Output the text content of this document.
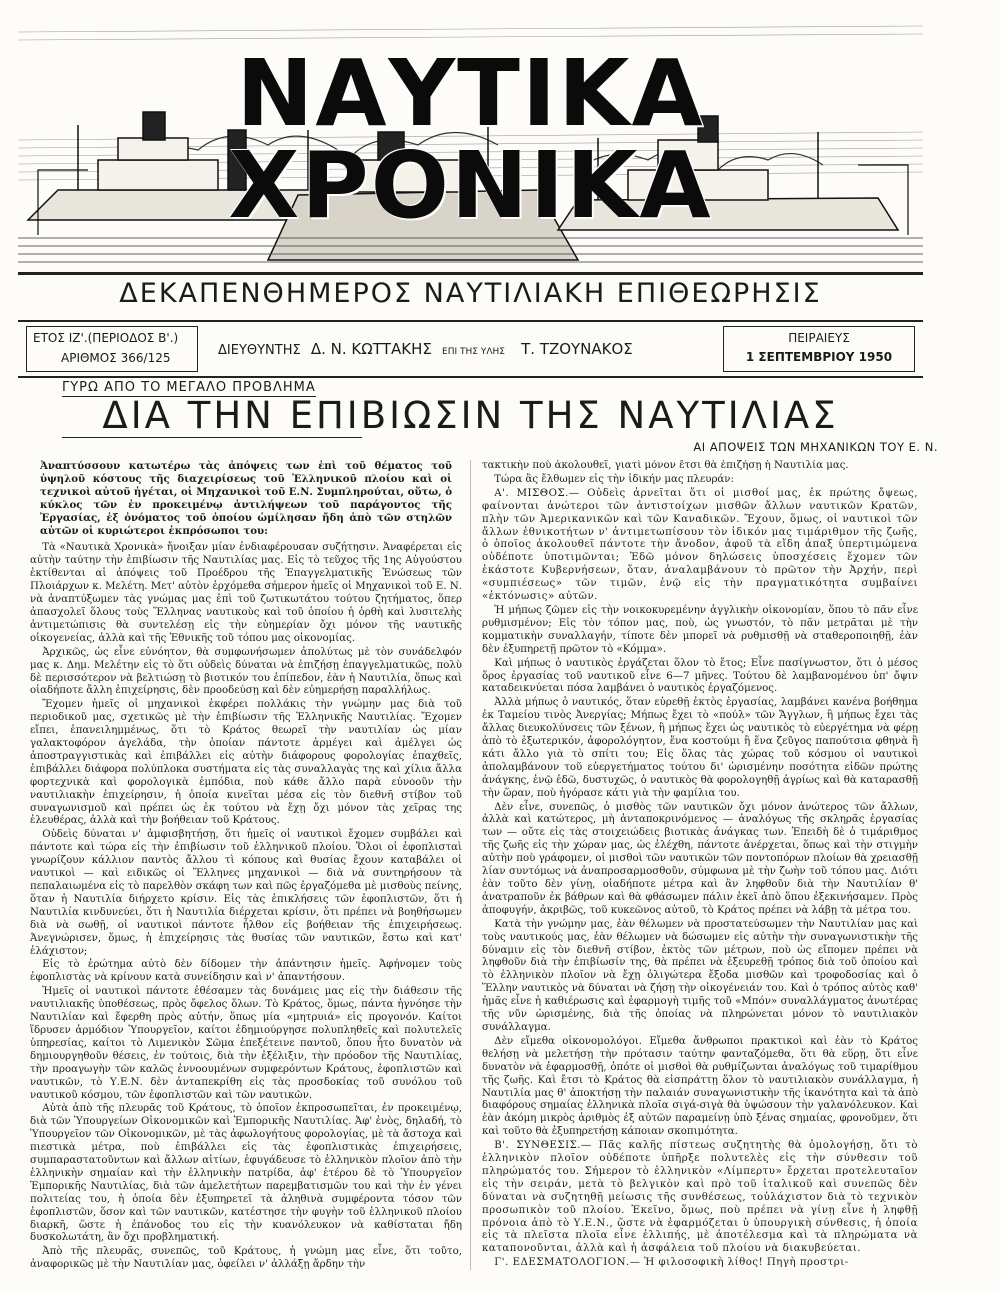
ΝΑΥΤΙΚΑ ΧΡΟΝΙΚΑ
ΔΕΚΑΠΕΝΘΗΜΕΡΟΣ ΝΑΥΤΙΛΙΑΚΗ ΕΠΙΘΕΩΡΗΣΙΣ
ΕΤΟΣ ΙΖ'.(ΠΕΡΙΟΔΟΣ Β'.)
ΑΡΙΘΜΟΣ 366/125	ΔΙΕΥΘΥΝΤΗΣ Δ. Ν. ΚΩΤΤΑΚΗΣ ΕΠΙ ΤΗΣ ΥΛΗΣ Τ. ΤΖΟΥΝΑΚΟΣ
ΠΕΙΡΑΙΕΥΣ
1 ΣΕΠΤΕΜΒΡΙΟΥ 1950
ΓΥΡΩ ΑΠΟ ΤΟ ΜΕΓΑΛΟ ΠΡΟΒΛΗΜΑ
ΔΙΑ ΤΗΝ ΕΠΙΒΙΩΣΙΝ ΤΗΣ ΝΑΥΤΙΛΙΑΣ
ΑΙ ΑΠΟΨΕΙΣ ΤΩΝ ΜΗΧΑΝΙΚΩΝ ΤΟΥ Ε. Ν.

Ἀναπτύσσουν κατωτέρω τὰς ἀπόψεις των ἐπὶ τοῦ θέματος τοῦ ὑψηλοῦ κόστους τῆς διαχειρίσεως τοῦ Ἑλληνικοῦ πλοίου καὶ οἱ τεχνικοὶ αὐτοῦ ἡγέται, οἱ Μηχανικοὶ τοῦ Ε.Ν. Συμπληρούται, οὕτω, ὁ κύκλος τῶν ἐν προκειμένῳ ἀντιλήψεων τοῦ παράγοντος τῆς Ἐργασίας, ἐξ ὀνόματος τοῦ ὁποίου ὡμίλησαν ἤδη ἀπὸ τῶν στηλῶν αὐτῶν οἱ κυριώτεροι ἐκπρόσωποι του:

Τὰ «Ναυτικὰ Χρονικὰ» ἤνοιξαν μίαν ἐνδιαφέρουσαν συζήτησιν. Ἀναφέρεται εἰς αὐτὴν ταύτην τὴν ἐπιβίωσιν τῆς Ναυτιλίας μας. Εἰς τὸ τεῦχος τῆς 1ης Αὐγούστου ἐκτίθενται αἱ ἀπόψεις τοῦ Προέδρου τῆς Ἐπαγγελματικῆς Ἑνώσεως τῶν Πλοιάρχων κ. Μελέτη. Μετ' αὐτὸν ἐρχόμεθα σήμερον ἡμεῖς οἱ Μηχανικοὶ τοῦ Ε. Ν. νὰ ἀναπτύξωμεν τὰς γνώμας μας ἐπὶ τοῦ ζωτικωτάτου τούτου ζητήματος, ὅπερ ἀπασχολεῖ ὅλους τοὺς Ἕλληνας ναυτικοὺς καὶ τοῦ ὁποίου ἡ ὀρθὴ καὶ λυσιτελὴς ἀντιμετώπισις θὰ συντελέσῃ εἰς τὴν εὐημερίαν ὄχι μόνον τῆς ναυτικῆς οἰκογενείας, ἀλλὰ καὶ τῆς Ἐθνικῆς τοῦ τόπου μας οἰκονομίας.

Ἀρχικῶς, ὡς εἶνε εὐνόητον, θὰ συμφωνήσωμεν ἀπολύτως μὲ τὸν συνάδελφόν μας κ. Δημ. Μελέτην εἰς τὸ ὅτι οὐδεὶς δύναται νὰ ἐπιζήσῃ ἐπαγγελματικῶς, πολὺ δὲ περισσότερον νὰ βελτιώσῃ τὸ βιοτικόν του ἐπίπεδον, ἐὰν ἡ Ναυτιλία, ὅπως καὶ οἱαδήποτε ἄλλη ἐπιχείρησις, δὲν προοδεύσῃ καὶ δὲν εὐημερήσῃ παραλλήλως.

Ἔχομεν ἡμεῖς οἱ μηχανικοὶ ἐκφέρει πολλάκις τὴν γνώμην μας διὰ τοῦ περιοδικοῦ μας, σχετικῶς μὲ τὴν ἐπιβίωσιν τῆς Ἑλληνικῆς Ναυτιλίας. Ἔχομεν εἴπει, ἐπανειλημμένως, ὅτι τὸ Κράτος θεωρεῖ τὴν ναυτιλίαν ὡς μίαν γαλακτοφόρον ἀγελάδα, τὴν ὁποίαν πάντοτε ἀρμέγει καὶ ἀμέλγει ὡς ἀποστραγγιστικὰς καὶ ἐπιβάλλει εἰς αὐτὴν διάφορους φορολογίας ἐπαχθεῖς, ἐπιβάλλει διάφορα πολύπλοκα συστήματα εἰς τὰς συναλλαγὰς της καὶ χίλια ἄλλα φορτεχνικὰ καὶ φορολογικὰ ἐμπόδια, ποὺ κάθε ἄλλο παρὰ εὐνοοῦν τὴν ναυτιλιακὴν ἐπιχείρησιν, ἡ ὁποία κινεῖται μέσα εἰς τὸν διεθνῆ στίβον τοῦ συναγωνισμοῦ καὶ πρέπει ὡς ἐκ τούτου νὰ ἔχῃ ὄχι μόνον τὰς χεῖρας της ἐλευθέρας, ἀλλὰ καὶ τὴν βοήθειαν τοῦ Κράτους.

Οὐδεὶς δύναται ν' ἀμφισβητήσῃ, ὅτι ἡμεῖς οἱ ναυτικοὶ ἔχομεν συμβάλει καὶ πάντοτε καὶ τώρα εἰς τὴν ἐπιβίωσιν τοῦ ἑλληνικοῦ πλοίου. Ὅλοι οἱ ἐφοπλισταὶ γνωρίζουν κάλλιον παντὸς ἄλλου τὶ κόπους καὶ θυσίας ἔχουν καταβάλει οἱ ναυτικοὶ — καὶ ειδικῶς οἱ Ἕλληνες μηχανικοὶ — διὰ νὰ συντηρήσουν τὰ πεπαλαιωμένα εἰς τὸ παρελθὸν σκάφη των καὶ πῶς ἐργαζόμεθα μὲ μισθοὺς πείνης, ὅταν ἡ Ναυτιλία διήρχετο κρίσιν. Εἰς τὰς ἐπικλήσεις τῶν ἐφοπλιστῶν, ὅτι ἡ Ναυτιλία κινδυνεύει, ὅτι ἡ Ναυτιλία διέρχεται κρίσιν, ὅτι πρέπει νὰ βοηθήσωμεν διὰ νὰ σωθῇ, οἱ ναυτικοὶ πάντοτε ἦλθον εἰς βοήθειαν τῆς ἐπιχειρήσεως. Ἀνεγνώρισεν, ὅμως, ἡ ἐπιχείρησις τὰς θυσίας τῶν ναυτικῶν, ἔστω καὶ κατ' ἐλάχιστον;

Εἰς τὸ ἐρώτημα αὐτὸ δὲν δίδομεν τὴν ἀπάντησιν ἡμεῖς. Ἀφήνομεν τοὺς ἐφοπλιστὰς νὰ κρίνουν κατὰ συνείδησιν καὶ ν' ἀπαντήσουν.

Ἡμεῖς οἱ ναυτικοὶ πάντοτε ἐθέσαμεν τὰς δυνάμεις μας εἰς τὴν διάθεσιν τῆς ναυτιλιακῆς ὑποθέσεως, πρὸς ὄφελος ὅλων. Τὸ Κράτος, ὅμως, πάντα ἠγνόησε τὴν Ναυτιλίαν καὶ ἔφερθη πρὸς αὐτήν, ὅπως μία «μητρυιά» εἰς προγονόν. Καίτοι ἵδρυσεν ἁρμόδιον Ὑπουργεῖον, καίτοι ἐδημιούργησε πολυπληθεῖς καὶ πολυτελεῖς ὑπηρεσίας, καίτοι τὸ Λιμενικὸν Σῶμα ἐπεξέτεινε παντοῦ, ὅπου ἦτο δυνατὸν νὰ δημιουργηθοῦν θέσεις, ἐν τούτοις, διὰ τὴν ἐξέλιξιν, τὴν πρόοδον τῆς Ναυτιλίας, τὴν προαγωγὴν τῶν καλῶς ἐννοουμένων συμφερόντων Κράτους, ἐφοπλιστῶν καὶ ναυτικῶν, τὸ Υ.Ε.Ν. δὲν ἀνταπεκρίθη εἰς τὰς προσδοκίας τοῦ συνόλου τοῦ ναυτικοῦ κόσμου, τῶν ἐφοπλιστῶν καὶ τῶν ναυτικῶν.

Αὐτὰ ἀπὸ τῆς πλευρᾶς τοῦ Κράτους, τὸ ὁποῖον ἐκπροσωπεῖται, ἐν προκειμένῳ, διὰ τῶν Ὑπουργείων Οἰκονομικῶν καὶ Ἐμπορικῆς Ναυτιλίας. Ἀφ' ἑνὸς, δηλαδή, τὸ Ὑπουργεῖον τῶν Οἰκονομικῶν, μὲ τὰς ἀφωλογήτους φορολογίας, μὲ τὰ ἄστοχα καὶ πιεστικὰ μέτρα, ποὺ ἐπιβάλλει εἰς τὰς ἐφοπλιστικὰς ἐπιχειρήσεις, συμπαραστατοῦντων καὶ ἄλλων αἰτίων, ἐφυγάδευσε τὸ ἑλληνικὸν πλοῖον ἀπὸ τὴν ἑλληνικὴν σημαίαν καὶ τὴν ἑλληνικὴν πατρίδα, ἀφ' ἑτέρου δὲ τὸ Ὑπουργεῖον Ἐμπορικῆς Ναυτιλίας, διὰ τῶν ἀμελετήτων παρεμβατισμῶν του καὶ τὴν ἐν γένει πολιτείας του, ἡ ὁποία δὲν ἐξυπηρετεῖ τὰ ἀληθινὰ συμφέροντα τόσον τῶν ἐφοπλιστῶν, ὅσον καὶ τῶν ναυτικῶν, κατέστησε τὴν φυγὴν τοῦ ἑλληνικοῦ πλοίου διαρκῆ, ὥστε ἡ ἐπάνοδος του εἰς τὴν κυανόλευκον νὰ καθίσταται ἤδη δυσκολωτάτη, ἂν ὄχι προβληματική.

Ἀπὸ τῆς πλευρᾶς, συνεπῶς, τοῦ Κράτους, ἡ γνώμη μας εἶνε, ὅτι τοῦτο, ἀναφορικῶς μὲ τὴν Ναυτιλίαν μας, ὀφείλει ν' ἀλλάξῃ ἄρδην τὴν

τακτικὴν ποὺ ἀκολουθεῖ, γιατὶ μόνον ἔτσι θὰ ἐπιζήσῃ ἡ Ναυτιλία μας.

Τώρα ἂς ἔλθωμεν εἰς τὴν ἰδικήν μας πλευράν:

Α'. ΜΙΣΘΟΣ.— Οὐδεὶς ἀρνεῖται ὅτι οἱ μισθοί μας, ἐκ πρώτης ὄψεως, φαίνονται ἀνώτεροι τῶν ἀντιστοίχων μισθῶν ἄλλων ναυτικῶν Κρατῶν, πλὴν τῶν Ἀμερικανικῶν καὶ τῶν Καναδικῶν. Ἔχουν, ὅμως, οἱ ναυτικοὶ τῶν ἄλλων ἐθνικοτήτων ν' ἀντιμετωπίσουν τὸν ἰδικόν μας τιμάριθμον τῆς ζωῆς, ὁ ὁποῖος ἀκολουθεῖ πάντοτε τὴν ἄνοδον, ἀφοῦ τὰ εἴδη ἀπαξ ὑπερτιμώμενα οὐδέποτε ὑποτιμῶνται; Ἐδῶ μόνον δηλώσεις ὑποσχέσεις ἔχομεν τῶν ἑκάστοτε Κυβερνήσεων, ὅταν, ἀναλαμβάνουν τὸ πρῶτον τὴν Ἀρχήν, περὶ «συμπιέσεως» τῶν τιμῶν, ἐνῷ εἰς τὴν πραγματικότητα συμβαίνει «ἐκτόνωσις» αὐτῶν.

Ἡ μήπως ζῶμεν εἰς τὴν νοικοκυρεμένην ἀγγλικὴν οἰκονομίαν, ὅπου τὸ πᾶν εἶνε ρυθμισμένον; Εἰς τὸν τόπον μας, ποὺ, ὡς γνωστόν, τὸ πᾶν μετρᾶται μὲ τὴν κομματικὴν συναλλαγήν, τίποτε δὲν μπορεῖ νὰ ρυθμισθῇ νὰ σταθεροποιηθῇ, ἐὰν δὲν ἐξυπηρετῇ πρῶτον τὸ «Κόμμα».

Καὶ μήπως ὁ ναυτικὸς ἐργάζεται ὅλον τὸ ἔτος; Εἶνε πασίγνωστον, ὅτι ὁ μέσος ὅρος ἐργασίας τοῦ ναυτικοῦ εἶνε 6—7 μῆνες. Τούτου δὲ λαμβανομένου ὑπ' ὄψιν καταδεικνύεται πόσα λαμβάνει ὁ ναυτικὸς ἐργαζόμενος.

Ἀλλὰ μήπως ὁ ναυτικός, ὅταν εὑρεθῇ ἐκτὸς ἐργασίας, λαμβάνει κανένα βοήθημα ἐκ Ταμείου τινὸς Ἀνεργίας; Μήπως ἔχει τὸ «πούλ» τῶν Ἄγγλων, ἢ μήπως ἔχει τὰς ἄλλας διευκολύνσεις τῶν ξένων, ἢ μήπως ἔχει ὡς ναυτικὸς τὸ εὐεργέτημα νὰ φέρῃ ἀπὸ τὸ ἐξωτερικόν, ἀφορολόγητον, ἕνα κοστούμι ἢ ἕνα ζεῦγος παπούτσια φθηνὰ ἢ κάτι ἄλλο γιὰ τὸ σπίτι του; Εἰς ὅλας τὰς χώρας τοῦ κόσμου οἱ ναυτικοὶ ἀπολαμβάνουν τοῦ εὐεργετήματος τούτου δι' ὡρισμένην ποσότητα εἰδῶν πρώτης ἀνάγκης, ἐνῷ ἐδῶ, δυστυχῶς, ὁ ναυτικὸς θὰ φορολογηθῇ ἀγρίως καὶ θὰ καταρασθῇ τὴν ὥραν, ποὺ ἠγόρασε κάτι γιὰ τὴν φαμίλια του.

Δὲν εἶνε, συνεπῶς, ὁ μισθὸς τῶν ναυτικῶν ὄχι μόνον ἀνώτερος τῶν ἄλλων, ἀλλὰ καὶ κατώτερος, μὴ ἀνταποκρινόμενος — ἀναλόγως τῆς σκληρᾶς ἐργασίας των — οὔτε εἰς τὰς στοιχειώδεις βιοτικὰς ἀνάγκας των. Ἐπειδὴ δὲ ὁ τιμάριθμος τῆς ζωῆς εἰς τὴν χώραν μας, ὡς ἐλέχθη, πάντοτε ἀνέρχεται, ὅπως καὶ τὴν στιγμὴν αὐτὴν ποὺ γράφομεν, οἱ μισθοὶ τῶν ναυτικῶν τῶν ποντοπόρων πλοίων θὰ χρειασθῇ λίαν συντόμως νὰ ἀναπροσαρμοσθοῦν, σύμφωνα μὲ τὴν ζωὴν τοῦ τόπου μας. Διότι ἐὰν τοῦτο δὲν γίνῃ, οἱαδήποτε μέτρα καὶ ἂν ληφθοῦν διὰ τὴν Ναυτιλίαν θ' ἀνατραποῦν ἐκ βάθρων καὶ θὰ φθάσωμεν πάλιν ἐκεῖ ἀπὸ ὅπου ἐξεκινήσαμεν. Πρὸς ἀποφυγήν, ἀκριβῶς, τοῦ κυκεῶνος αὐτοῦ, τὸ Κράτος πρέπει νὰ λάβῃ τὰ μέτρα του.

Κατὰ τὴν γνώμην μας, ἐὰν θέλωμεν νὰ προστατεύσωμεν τὴν Ναυτιλίαν μας καὶ τοὺς ναυτικούς μας, ἐὰν θέλωμεν νὰ δώσωμεν εἰς αὐτὴν τὴν συναγωνιστικὴν τῆς δύναμιν εἰς τὸν διεθνῆ στίβον, ἐκτὸς τῶν μέτρων, ποὺ ὡς εἴπομεν πρέπει νὰ ληφθοῦν διὰ τὴν ἐπιβίωσίν της, θὰ πρέπει νὰ ἐξευρεθῇ τρόπος διὰ τοῦ ὁποίου καὶ τὸ ἑλληνικὸν πλοῖον νὰ ἔχῃ ὀλιγώτερα ἔξοδα μισθῶν καὶ τροφοδοσίας καὶ ὁ Ἕλλην ναυτικὸς νὰ δύναται νὰ ζήσῃ τὴν οἰκογένειάν του. Καὶ ὁ τρόπος αὐτὸς καθ' ἡμᾶς εἶνε ἡ καθιέρωσις καὶ ἐφαρμογὴ τιμῆς τοῦ «Μπόν» συναλλάγματος ἀνωτέρας τῆς νῦν ὡρισμένης, διὰ τῆς ὁποίας νὰ πληρώνεται μόνον τὸ ναυτιλιακὸν συνάλλαγμα.

Δὲν εἴμεθα οἰκονομολόγοι. Εἴμεθα ἄνθρωποι πρακτικοὶ καὶ ἐὰν τὸ Κράτος θελήσῃ νὰ μελετήσῃ τὴν πρότασιν ταύτην φανταζόμεθα, ὅτι θὰ εὕρῃ, ὅτι εἶνε δυνατὸν νὰ ἐφαρμοσθῇ, ὁπότε οἱ μισθοὶ θὰ ρυθμίζωνται ἀναλόγως τοῦ τιμαρίθμου τῆς ζωῆς. Καὶ ἔτσι τὸ Κράτος θὰ εἰσπράττῃ ὅλον τὸ ναυτιλιακὸν συνάλλαγμα, ἡ Ναυτιλία μας θ' ἀποκτήσῃ τὴν παλαιάν συναγωνιστικὴν τῆς ἱκανότητα καὶ τὰ ἀπὸ διαφόρους σημαίας ἑλληνικὰ πλοῖα σιγά-σιγὰ θὰ ὑψώσουν τὴν γαλανόλευκον. Καὶ ἐὰν ἀκόμη μικρὸς ἀριθμὸς ἐξ αὐτῶν παραμείνῃ ὑπὸ ξένας σημαίας, φρονοῦμεν, ὅτι καὶ τοῦτο θὰ ἐξυπηρετήσῃ κάποιαν σκοπιμότητα.

Β'. ΣΥΝΘΕΣΙΣ.— Πᾶς καλῆς πίστεως συζητητὴς θὰ ὁμολογήσῃ, ὅτι τὸ ἑλληνικὸν πλοῖον οὐδέποτε ὑπῆρξε πολυτελὲς εἰς τὴν σύνθεσιν τοῦ πληρώματός του. Σήμερον τὸ ἑλληνικὸν «Λίμπερτυ» ἔρχεται προτελευταῖον εἰς τὴν σειράν, μετὰ τὸ βελγικὸν καὶ πρὸ τοῦ ἰταλικοῦ καὶ συνεπῶς δὲν δύναται νὰ συζητηθῇ μείωσις τῆς συνθέσεως, τοὐλάχιστον διὰ τὸ τεχνικὸν προσωπικὸν τοῦ πλοίου. Ἐκεῖνο, ὅμως, ποὺ πρέπει νὰ γίνῃ εἶνε ἡ ληφθῇ πρόνοια ἀπὸ τὸ Υ.Ε.Ν., ὥστε νὰ ἐφαρμόζεται ὑ ὑπουργικὴ σύνθεσις, ἡ ὁποία εἰς τὰ πλεῖστα πλοῖα εἶνε ἐλλιπής, μὲ ἀποτέλεσμα καὶ τὰ πληρώματα νὰ καταπονοῦνται, ἀλλὰ καὶ ἡ ἀσφάλεια τοῦ πλοίου νὰ διακυβεύεται.

Γ'. ΕΔΕΣΜΑΤΟΛΟΓΙΟΝ.— Ἡ φιλοσοφικὴ λίθος! Πηγὴ προστρι-
